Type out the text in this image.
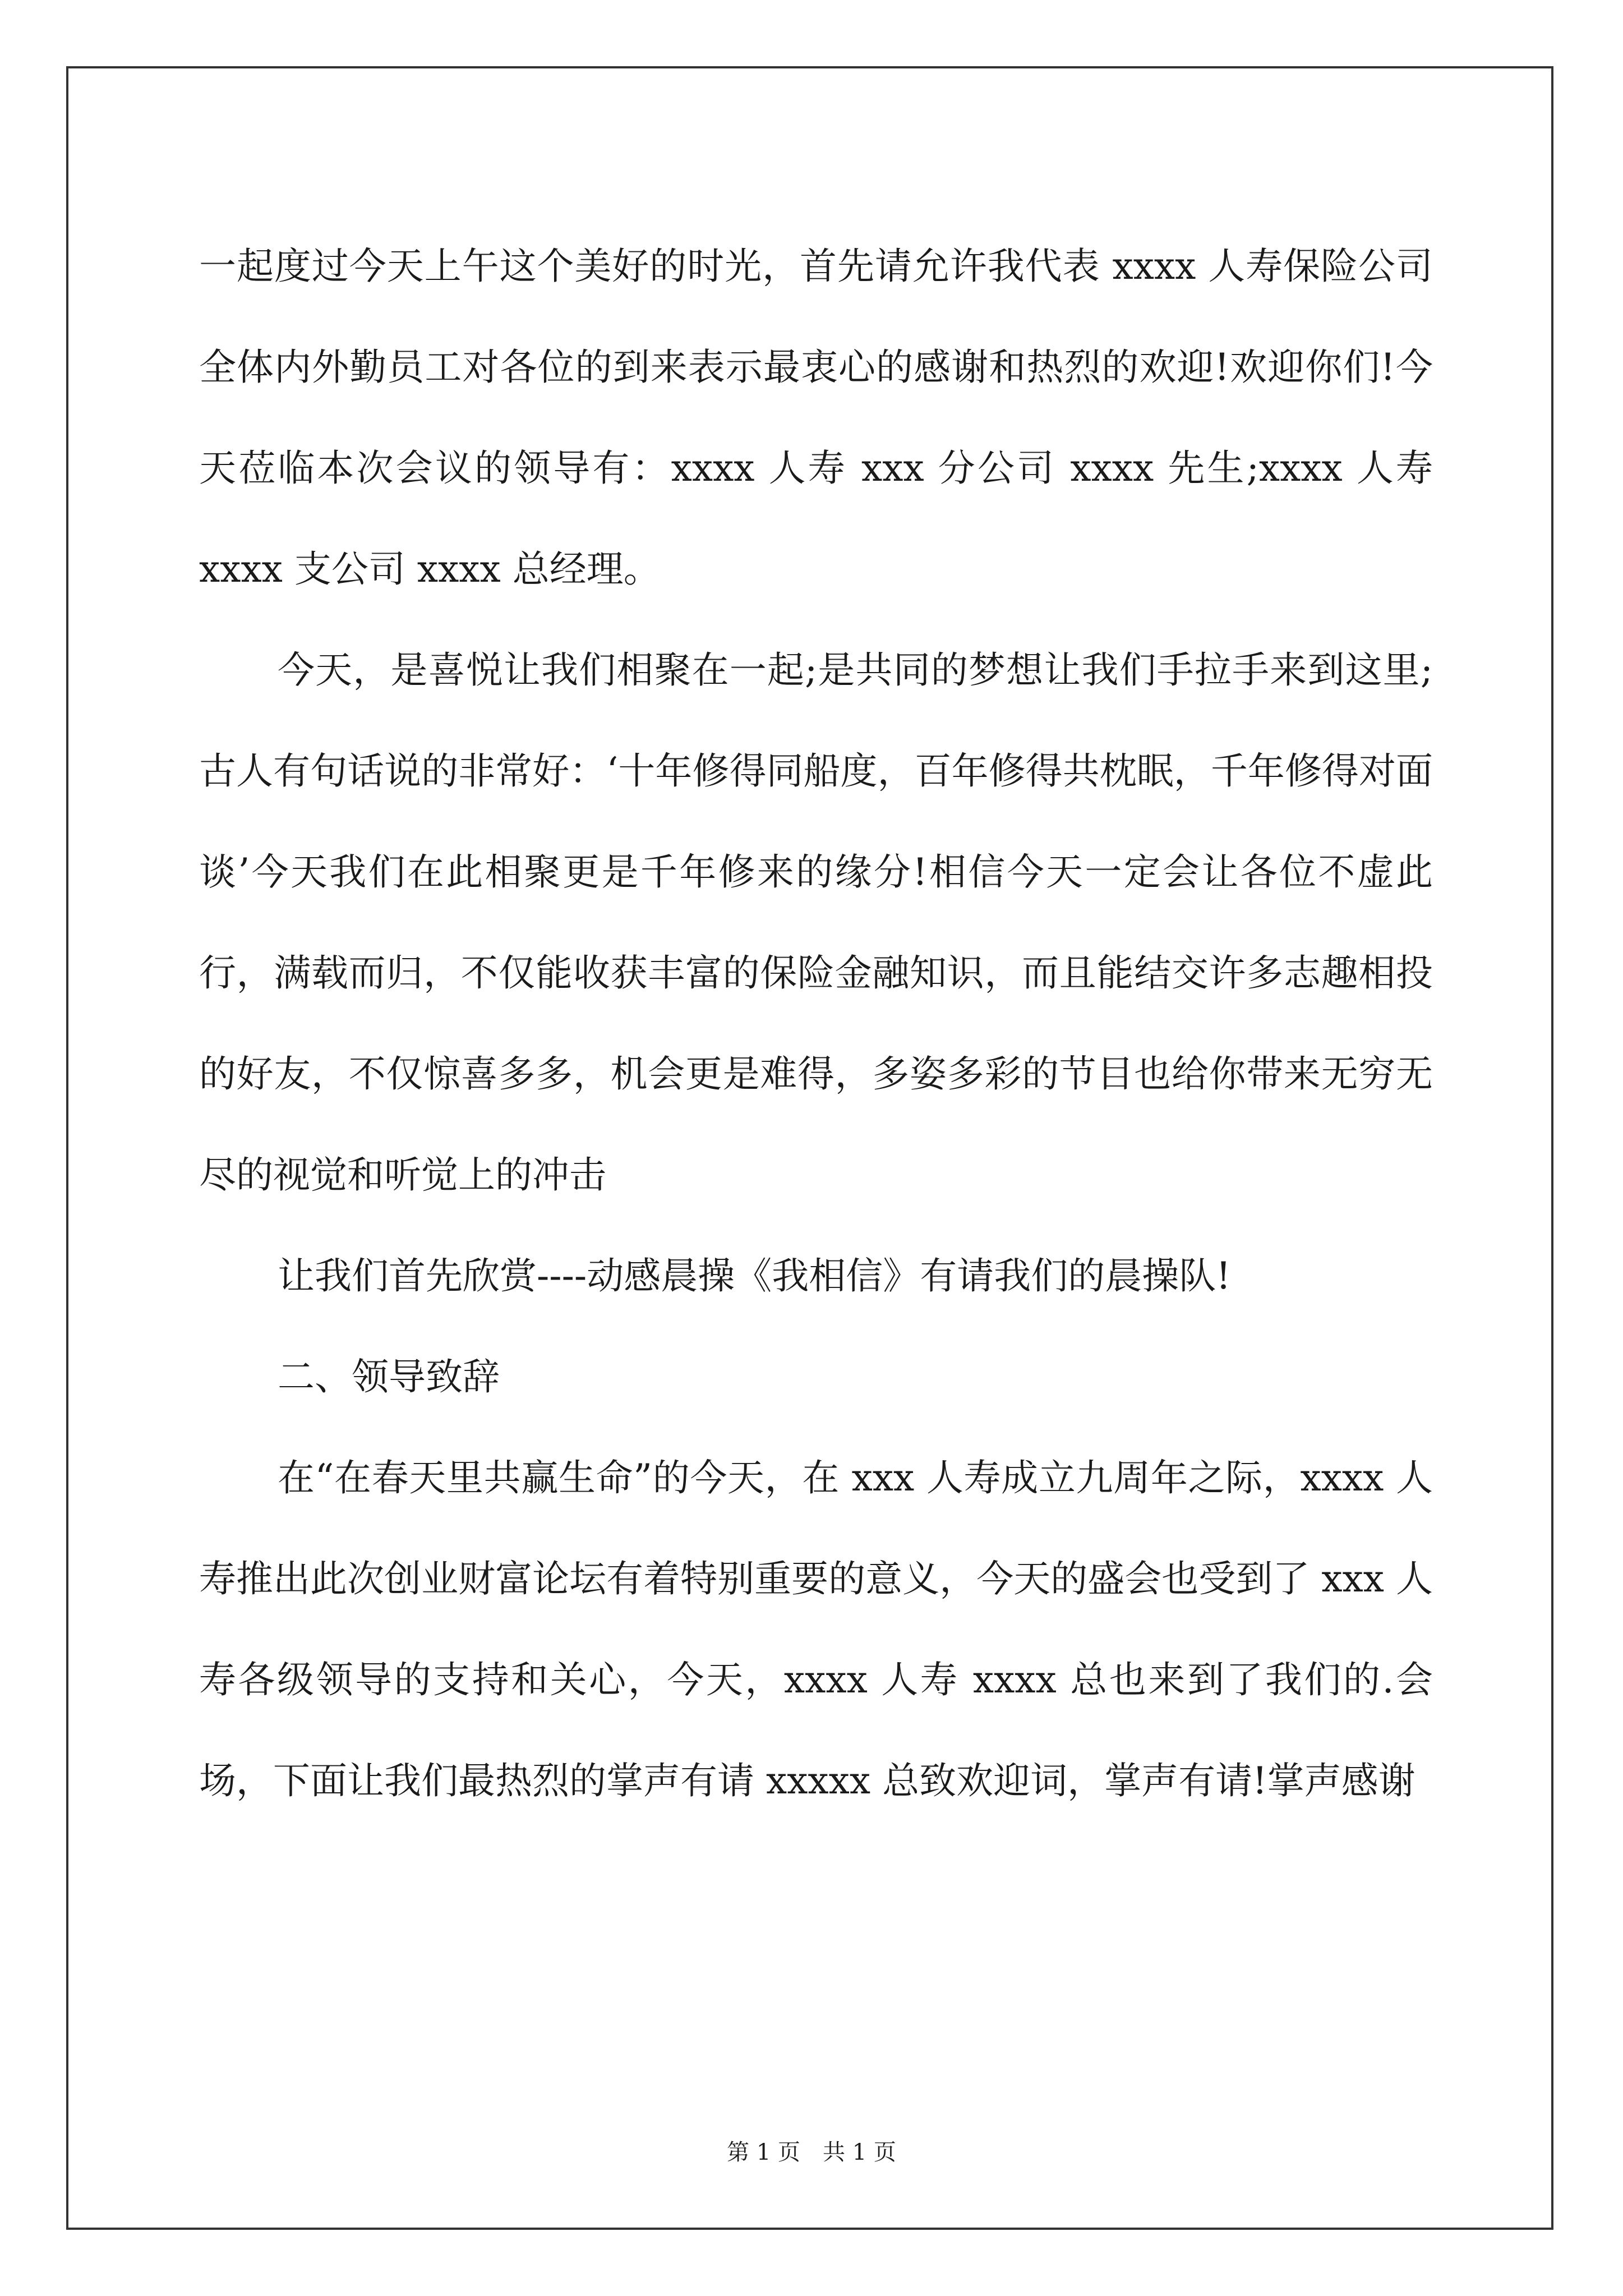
一起度过今天上午这个美好的时光，首先请允许我代表 xxxx 人寿保险公司全体内外勤员工对各位的到来表示最衷心的感谢和热烈的欢迎!欢迎你们!今天莅临本次会议的领导有：xxxx 人寿 xxx 分公司 xxxx 先生;xxxx 人寿 xxxx 支公司 xxxx 总经理。

今天，是喜悦让我们相聚在一起;是共同的梦想让我们手拉手来到这里;古人有句话说的非常好：‘十年修得同船度，百年修得共枕眠，千年修得对面谈’今天我们在此相聚更是千年修来的缘分!相信今天一定会让各位不虚此行，满载而归，不仅能收获丰富的保险金融知识，而且能结交许多志趣相投的好友，不仅惊喜多多，机会更是难得，多姿多彩的节目也给你带来无穷无尽的视觉和听觉上的冲击

让我们首先欣赏----动感晨操《我相信》有请我们的晨操队!

二、领导致辞

在“在春天里共赢生命”的今天，在 xxx 人寿成立九周年之际，xxxx 人寿推出此次创业财富论坛有着特别重要的意义，今天的盛会也受到了 xxx 人寿各级领导的支持和关心，今天，xxxx 人寿 xxxx 总也来到了我们的.会场，下面让我们最热烈的掌声有请 xxxxx 总致欢迎词，掌声有请!掌声感谢

第 1 页　共 1 页
